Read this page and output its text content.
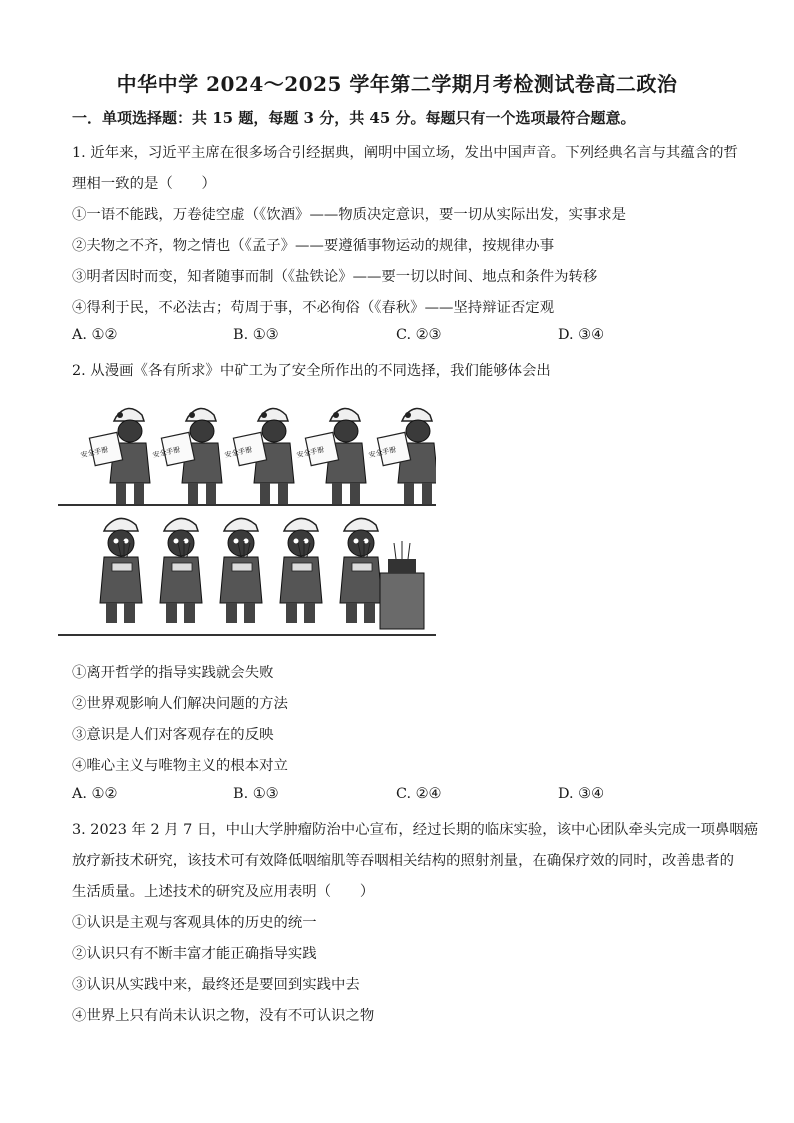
中华中学 2024～2025 学年第二学期月考检测试卷高二政治
一．单项选择题：共 15 题，每题 3 分，共 45 分。每题只有一个选项最符合题意。
1. 近年来，习近平主席在很多场合引经据典，阐明中国立场，发出中国声音。下列经典名言与其蕴含的哲
理相一致的是（　　）
①一语不能践，万卷徒空虚（《饮酒》——物质决定意识，要一切从实际出发，实事求是
②夫物之不齐，物之情也（《孟子》——要遵循事物运动的规律，按规律办事
③明者因时而变，知者随事而制（《盐铁论》——要一切以时间、地点和条件为转移
④得利于民，不必法古；苟周于事，不必徇俗（《春秋》——坚持辩证否定观
A. ①②	B. ①③	C. ②③	D. ③④
2. 从漫画《各有所求》中矿工为了安全所作出的不同选择，我们能够体会出
安全手册	安全手册	安全手册	安全手册	安全手册
①离开哲学的指导实践就会失败
②世界观影响人们解决问题的方法
③意识是人们对客观存在的反映
④唯心主义与唯物主义的根本对立
A. ①②	B. ①③	C. ②④	D. ③④
3. 2023 年 2 月 7 日，中山大学肿瘤防治中心宣布，经过长期的临床实验，该中心团队牵头完成一项鼻咽癌
放疗新技术研究，该技术可有效降低咽缩肌等吞咽相关结构的照射剂量，在确保疗效的同时，改善患者的
生活质量。上述技术的研究及应用表明（　　）
①认识是主观与客观具体的历史的统一
②认识只有不断丰富才能正确指导实践
③认识从实践中来，最终还是要回到实践中去
④世界上只有尚未认识之物，没有不可认识之物
